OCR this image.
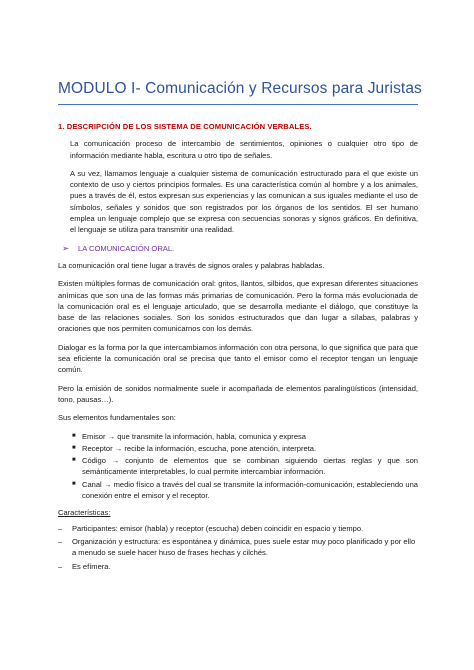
MODULO I- Comunicación y Recursos para Juristas
1. DESCRIPCIÓN DE LOS SISTEMA DE COMUNICACIÓN VERBALES.

La comunicación proceso de intercambio de sentimientos, opiniones o cualquier otro tipo de información mediante habla, escritura u otro tipo de señales.

A su vez, llamamos lenguaje a cualquier sistema de comunicación estructurado para el que existe un contexto de uso y ciertos principios formales. Es una característica común al hombre y a los animales, pues a través de él, estos expresan sus experiencias y las comunican a sus iguales mediante el uso de símbolos, señales y sonidos que son registrados por los órganos de los sentidos. El ser humano emplea un lenguaje complejo que se expresa con secuencias sonoras y signos gráficos. En definitiva, el lenguaje se utiliza para transmitir una realidad.

➢	LA COMUNICACIÓN ORAL.

La comunicación oral tiene lugar a través de signos orales y palabras habladas.

Existen múltiples formas de comunicación oral: gritos, llantos, silbidos, que expresan diferentes situaciones anímicas que son una de las formas más primarias de comunicación. Pero la forma más evolucionada de la comunicación oral es el lenguaje articulado, que se desarrolla mediante el diálogo, que constituye la base de las relaciones sociales. Son los sonidos estructurados que dan lugar a sílabas, palabras y oraciones que nos permiten comunicarnos con los demás.

Dialogar es la forma por la que intercambiamos información con otra persona, lo que significa que para que sea eficiente la comunicación oral se precisa que tanto el emisor como el receptor tengan un lenguaje común.

Pero la emisión de sonidos normalmente suele ir acompañada de elementos paralingüísticos (intensidad, tono, pausas…).

Sus elementos fundamentales son:

■ Emisor → que transmite la información, habla, comunica y expresa
■ Receptor → recibe la información, escucha, pone atención, interpreta.
■ Código → conjunto de elementos que se combinan siguiendo ciertas reglas y que son semánticamente interpretables, lo cual permite intercambiar información.
■ Canal → medio físico a través del cual se transmite la información-comunicación, estableciendo una conexión entre el emisor y el receptor.
Características:
–	Participantes: emisor (habla) y receptor (escucha) deben coincidir en espacio y tiempo.
–	Organización y estructura: es espontánea y dinámica, pues suele estar muy poco planificado y por ello a menudo se suele hacer huso de frases hechas y cilchés.
–	Es efímera.
